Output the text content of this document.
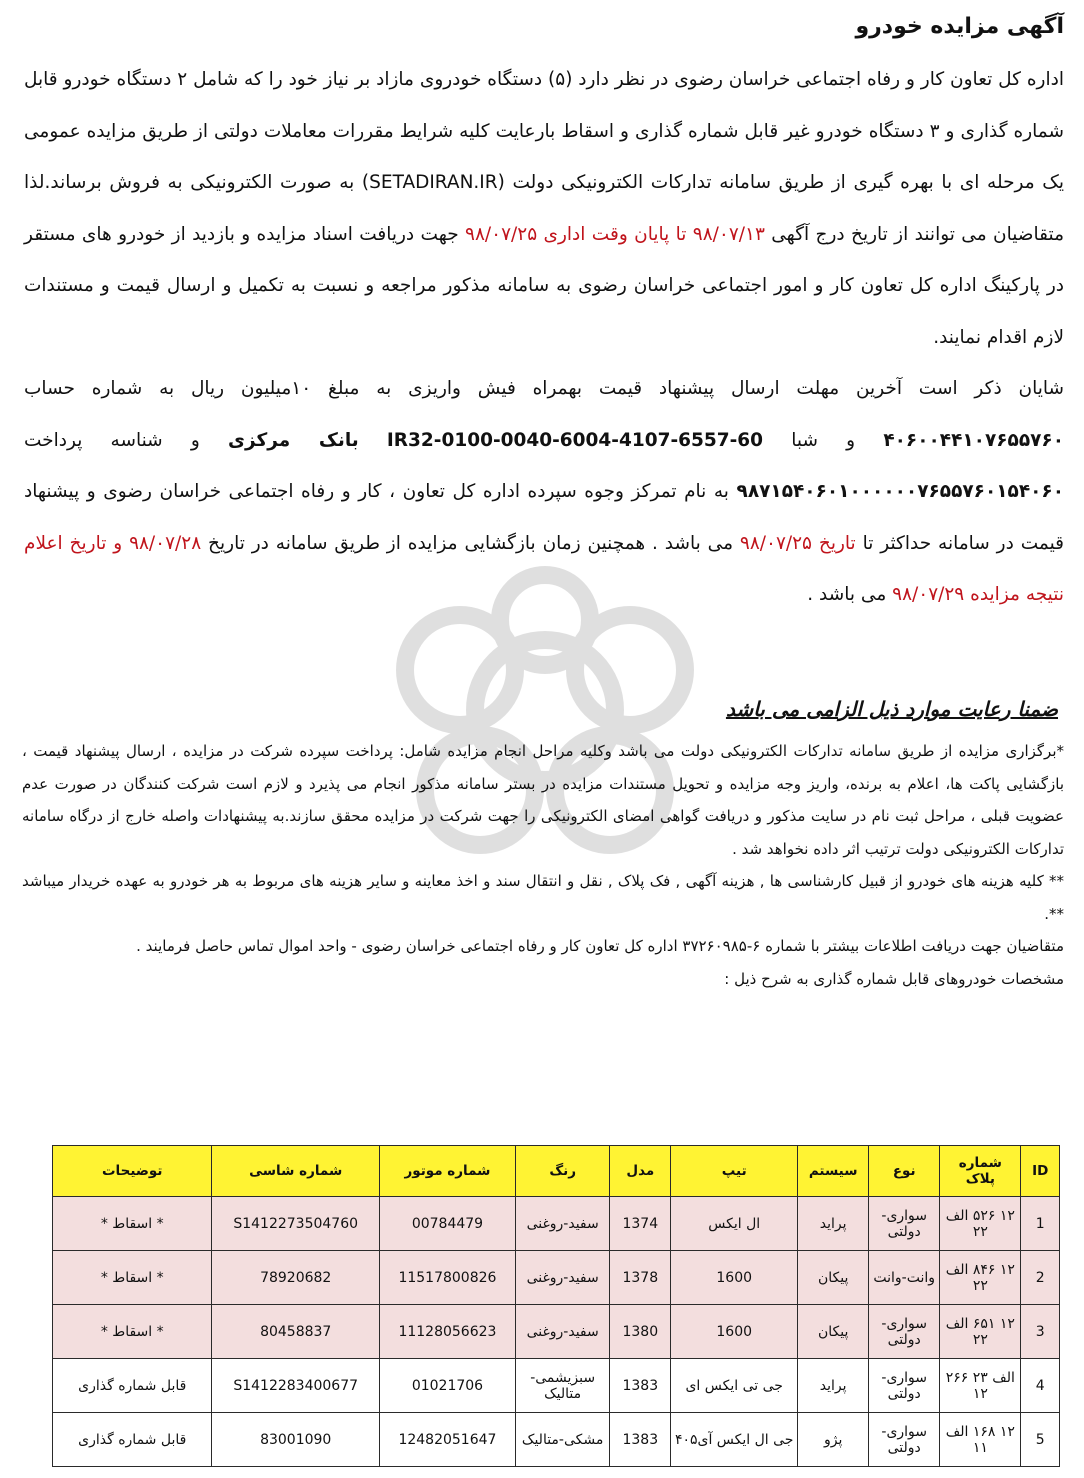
آگهی مزایده خودرو
اداره کل تعاون کار و رفاه اجتماعی خراسان رضوی در نظر دارد (۵) دستگاه خودروی مازاد بر نیاز خود را که شامل ۲ دستگاه خودرو قابل شماره گذاری و ۳ دستگاه خودرو غیر قابل شماره گذاری و اسقاط بارعایت کلیه شرایط مقررات معاملات دولتی از طریق مزایده عمومی یک مرحله ای با بهره گیری از طریق سامانه تدارکات الکترونیکی دولت (SETADIRAN.IR) به صورت الکترونیکی به فروش برساند.لذا متقاضیان می توانند از تاریخ درج آگهی ۹۸/۰۷/۱۳ تا پایان وقت اداری ۹۸/۰۷/۲۵ جهت دریافت اسناد مزایده و بازدید از خودرو های مستقر در پارکینگ اداره کل تعاون کار و امور اجتماعی خراسان رضوی به سامانه مذکور مراجعه و نسبت به تکمیل و ارسال قیمت و مستندات لازم اقدام نمایند.
شایان ذکر است آخرین مهلت ارسال پیشنهاد قیمت بهمراه فیش واریزی به مبلغ ۱۰میلیون ریال به شماره حساب ۴۰۶۰۰۴۴۱۰۷۶۵۵۷۶۰ و شبا IR32-0100-0040-6004-4107-6557-60 بانک مرکزی و شناسه پرداخت ۹۸۷۱۵۴۰۶۰۱۰۰۰۰۰۰۷۶۵۵۷۶۰۱۵۴۰۶۰ به نام تمرکز وجوه سپرده اداره کل تعاون ، کار و رفاه اجتماعی خراسان رضوی و پیشنهاد قیمت در سامانه حداکثر تا تاریخ ۹۸/۰۷/۲۵ می باشد . همچنین زمان بازگشایی مزایده از طریق سامانه در تاریخ ۹۸/۰۷/۲۸ و تاریخ اعلام نتیجه مزایده ۹۸/۰۷/۲۹ می باشد .
ضمنا رعایت موارد ذیل الزامی می باشد

*برگزاری مزایده از طریق سامانه تدارکات الکترونیکی دولت می باشد وکلیه مراحل انجام مزایده شامل: پرداخت سپرده شرکت در مزایده ، ارسال پیشنهاد قیمت ، بازگشایی پاکت ها، اعلام به برنده، واریز وجه مزایده و تحویل مستندات مزایده در بستر سامانه مذکور انجام می پذیرد و لازم است شرکت کنندگان در صورت عدم عضویت قبلی ، مراحل ثبت نام در سایت مذکور و دریافت گواهی امضای الکترونیکی را جهت شرکت در مزایده محقق سازند.به پیشنهادات واصله خارج از درگاه سامانه تدارکات الکترونیکی دولت ترتیب اثر داده نخواهد شد .

** کلیه هزینه های خودرو از قبیل کارشناسی ها , هزینه آگهی , فک پلاک , نقل و انتقال سند و اخذ معاینه و سایر هزینه های مربوط به هر خودرو به عهده خریدار میباشد **.

متقاضیان جهت دریافت اطلاعات بیشتر با شماره ۶-۳۷۲۶۰۹۸۵ اداره کل تعاون کار و رفاه اجتماعی خراسان رضوی - واحد اموال تماس حاصل فرمایند .

مشخصات خودروهای قابل شماره گذاری به شرح ذیل :

ID	شماره پلاک	نوع	سیستم	تیپ	مدل	رنگ	شماره موتور	شماره شاسی	توضیحات
1	۱۲ ۵۲۶ الف ۲۲	سواری-دولتی	پراید	ال ایکس	1374	سفید-روغنی	00784479	S1412273504760	* اسقاط *
2	۱۲ ۸۴۶ الف ۲۲	وانت-وانت	پیکان	1600	1378	سفید-روغنی	11517800826	78920682	* اسقاط *
3	۱۲ ۶۵۱ الف ۲۲	سواری-دولتی	پیکان	1600	1380	سفید-روغنی	11128056623	80458837	* اسقاط *
4	الف ۲۳ ۲۶۶ ۱۲	سواری-دولتی	پراید	جی تی ایکس ای	1383	سبزیشمی-متالیک	01021706	S1412283400677	قابل شماره گذاری
5	۱۲ ۱۶۸ الف ۱۱	سواری-دولتی	پژو	جی ال ایکس آی۴۰۵	1383	مشکی-متالیک	12482051647	83001090	قابل شماره گذاری
